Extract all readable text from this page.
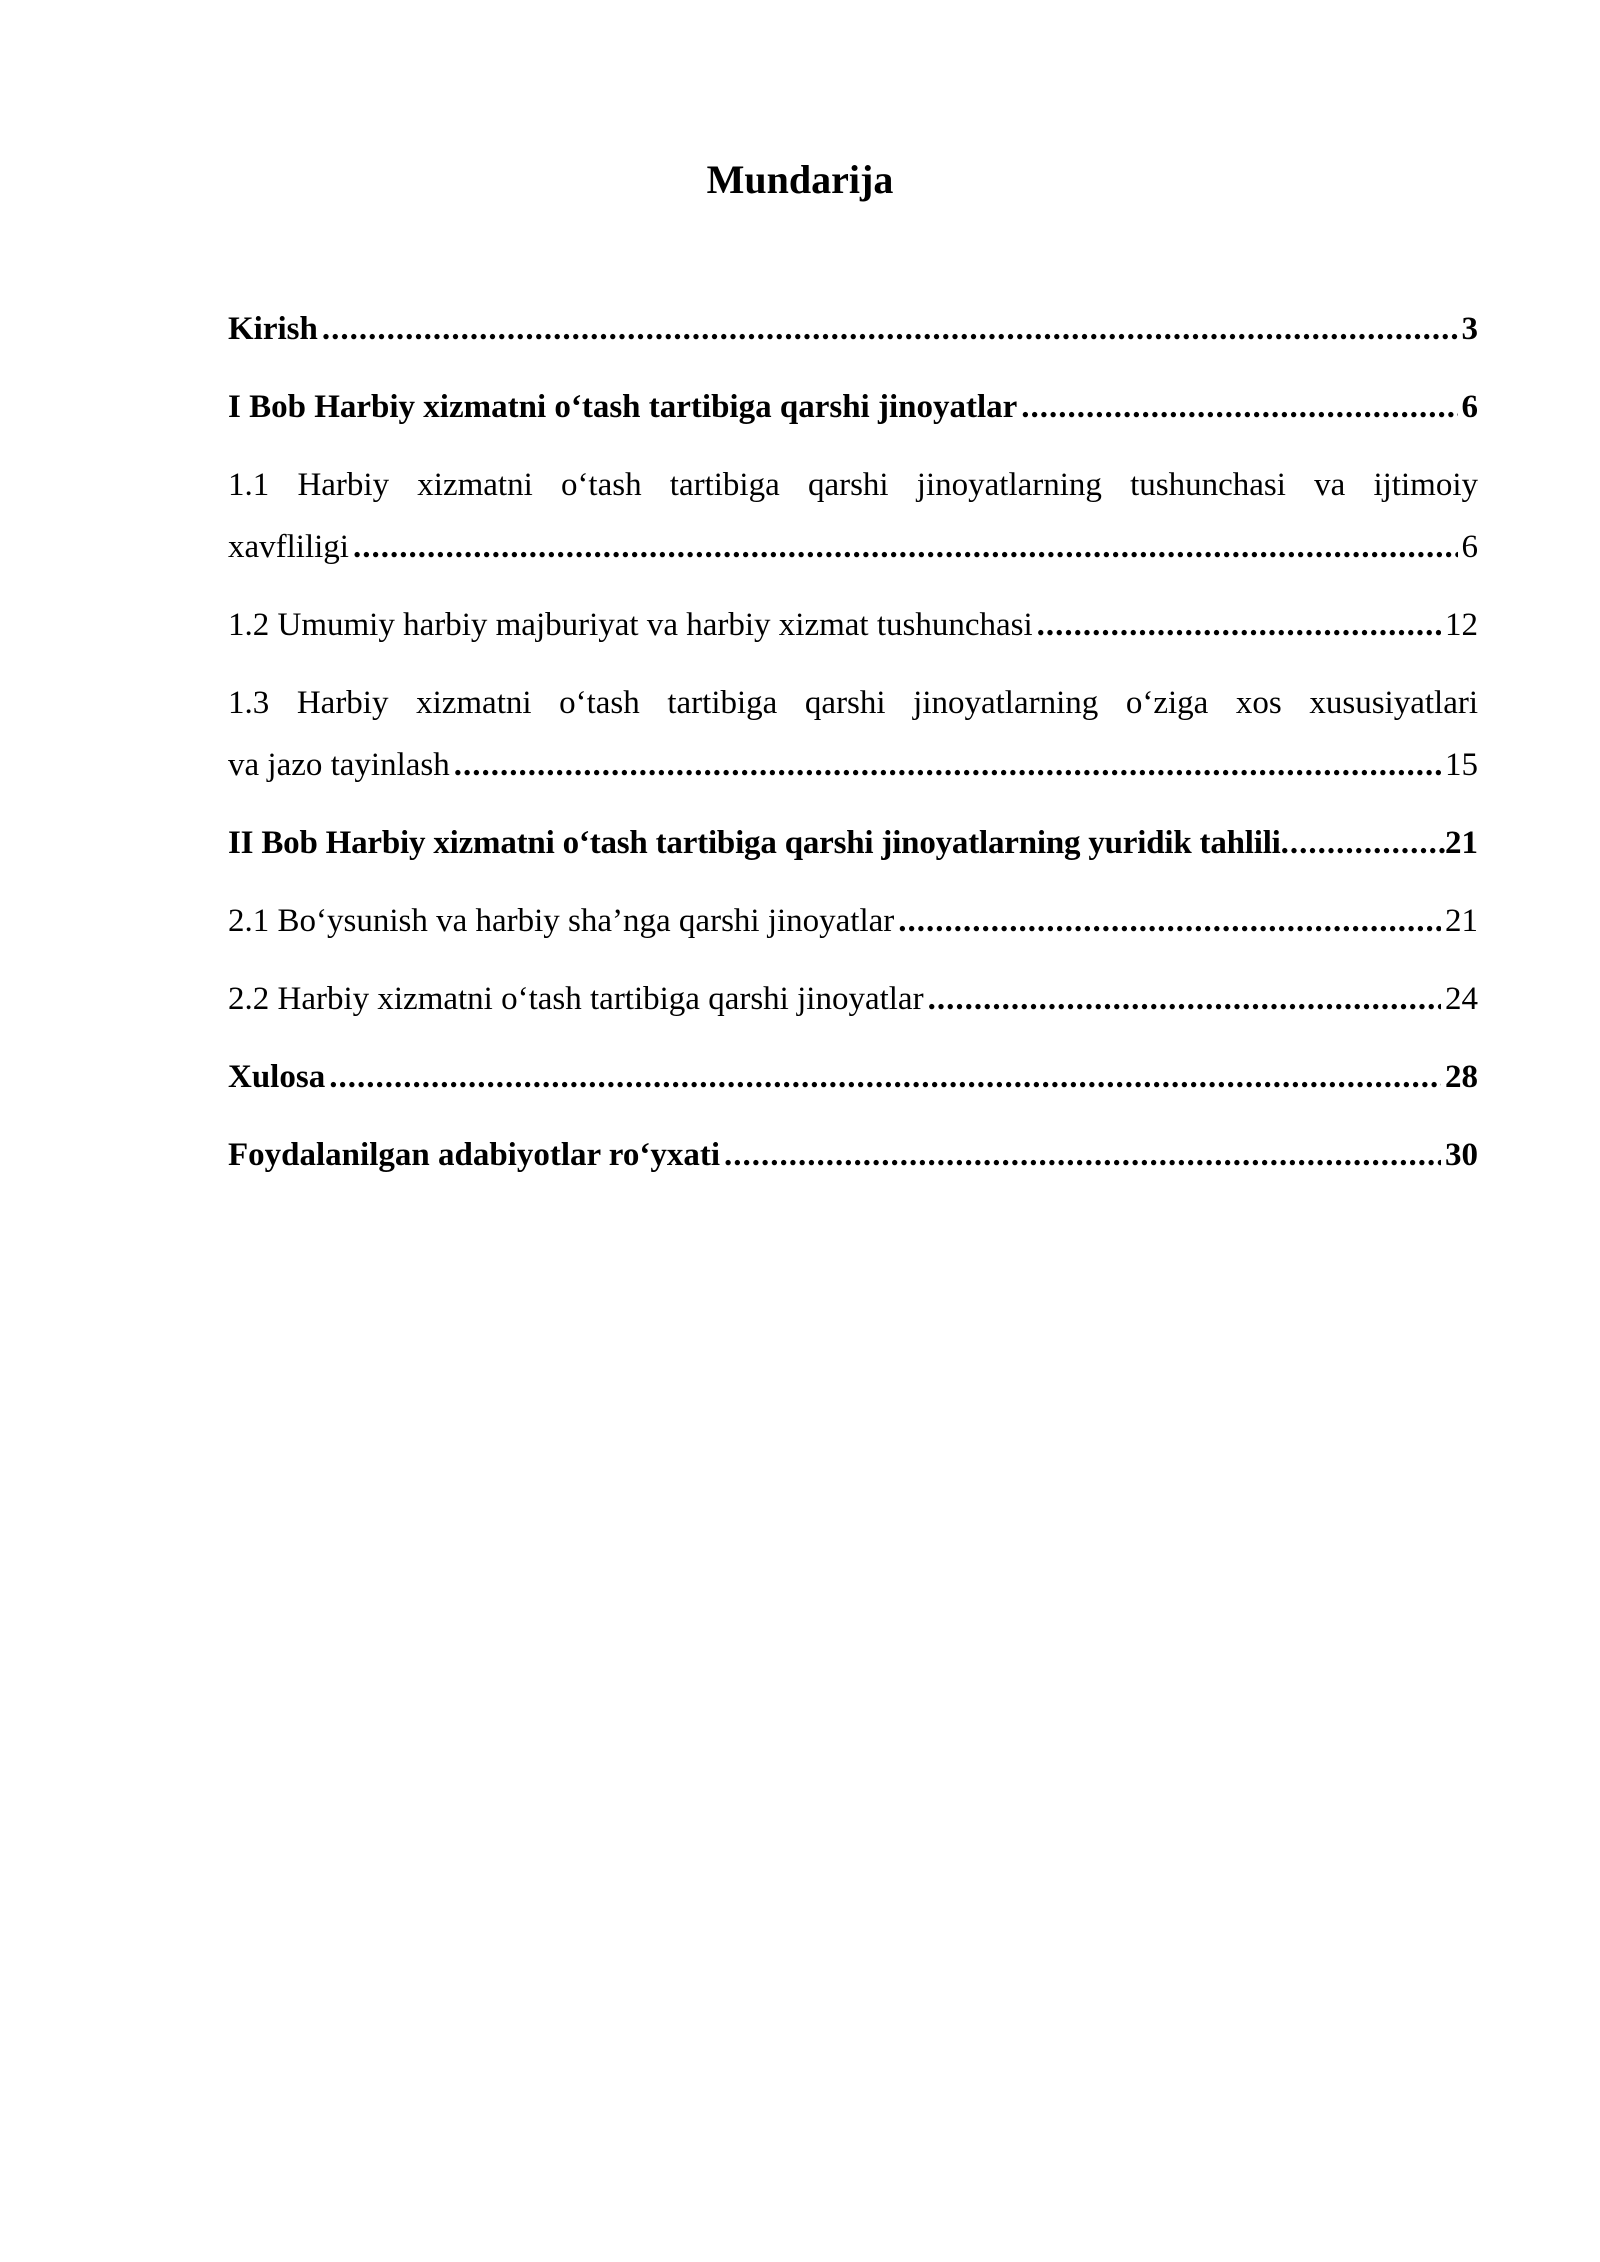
Mundarija
Kirish .....	3
I Bob Harbiy xizmatni o‘tash tartibiga qarshi jinoyatlar .....	6
1.1 Harbiy xizmatni o‘tash tartibiga qarshi jinoyatlarning tushunchasi va ijtimoiy
xavfliligi .....	6
1.2 Umumiy harbiy majburiyat va harbiy xizmat tushunchasi .....	12
1.3 Harbiy xizmatni o‘tash tartibiga qarshi jinoyatlarning o‘ziga xos xususiyatlari
va jazo tayinlash .....	15
II Bob Harbiy xizmatni o‘tash tartibiga qarshi jinoyatlarning yuridik tahlili .....	21
2.1 Bo‘ysunish va harbiy sha’nga qarshi jinoyatlar .....	21
2.2 Harbiy xizmatni o‘tash tartibiga qarshi jinoyatlar .....	24
Xulosa .....	28
Foydalanilgan adabiyotlar ro‘yxati .....	30
